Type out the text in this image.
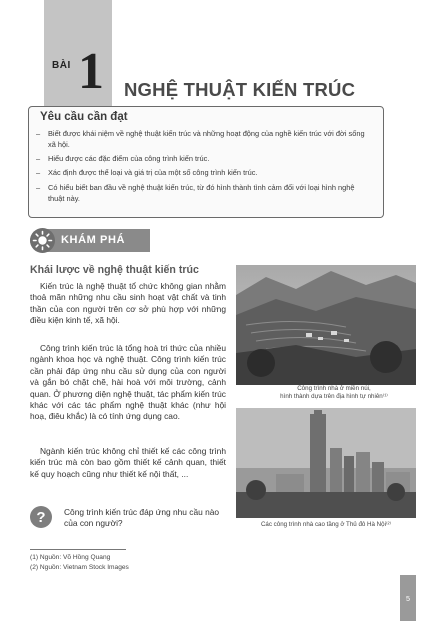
BÀI 1 NGHỆ THUẬT KIẾN TRÚC
Yêu cầu cần đạt
– Biết được khái niệm về nghệ thuật kiến trúc và những hoạt động của nghề kiến trúc với đời sống xã hội.
– Hiểu được các đặc điểm của công trình kiến trúc.
– Xác định được thể loại và giá trị của một số công trình kiến trúc.
– Có hiểu biết ban đầu về nghệ thuật kiến trúc, từ đó hình thành tình cảm đối với loại hình nghệ thuật này.
KHÁM PHÁ
Khái lược về nghệ thuật kiến trúc
Kiến trúc là nghệ thuật tổ chức không gian nhằm thoả mãn những nhu cầu sinh hoạt vật chất và tinh thần của con người trên cơ sở phù hợp với những điều kiện kinh tế, xã hội.
Công trình kiến trúc là tổng hoà tri thức của nhiều ngành khoa học và nghệ thuật. Công trình kiến trúc cần phải đáp ứng nhu cầu sử dụng của con người và gắn bó chặt chẽ, hài hoà với môi trường, cảnh quan. Ở phương diện nghệ thuật, tác phẩm kiến trúc khác với các tác phẩm nghệ thuật khác (như hội hoạ, điêu khắc) là có tính ứng dụng cao.
Ngành kiến trúc không chỉ thiết kế các công trình kiến trúc mà còn bao gồm thiết kế cảnh quan, thiết kế quy hoạch cũng như thiết kế nội thất, ...
Công trình nhà ở miền núi,
hình thành dựa trên địa hình tự nhiên⁽¹⁾
Các công trình nhà cao tầng ở Thủ đô Hà Nội⁽²⁾
?	Công trình kiến trúc đáp ứng nhu cầu nào của con người?
(1) Nguồn: Võ Hồng Quang
(2) Nguồn: Vietnam Stock Images
5
